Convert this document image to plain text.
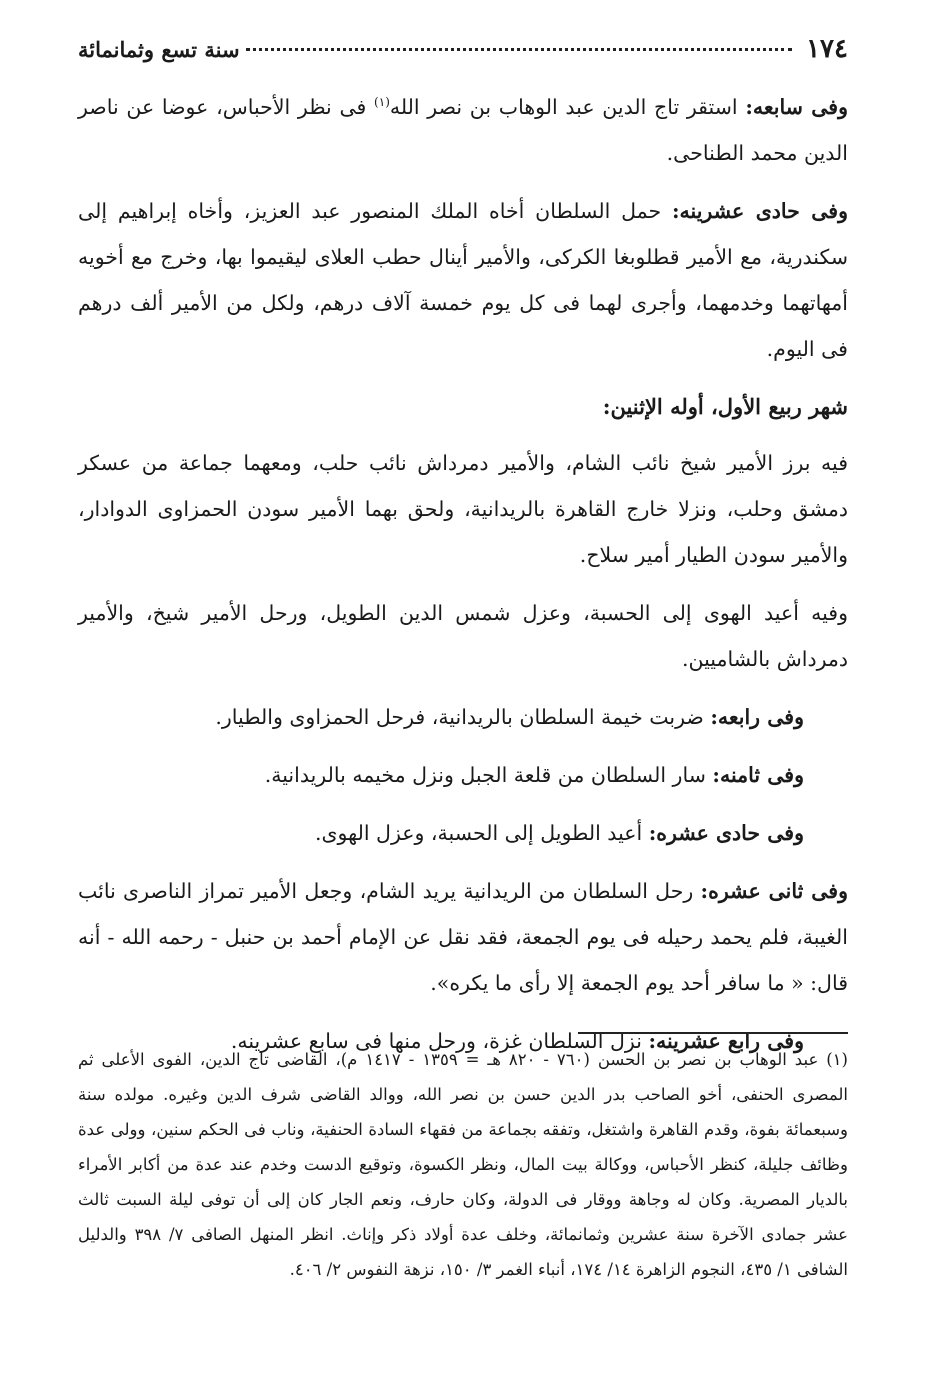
١٧٤
سنة تسع وثمانمائة

وفى سابعه: استقر تاج الدين عبد الوهاب بن نصر الله$^{(١)}$ فى نظر الأحباس، عوضا عن ناصر الدين محمد الطناحى.

وفى حادى عشرينه: حمل السلطان أخاه الملك المنصور عبد العزيز، وأخاه إبراهيم إلى سكندرية، مع الأمير قطلوبغا الكركى، والأمير أينال حطب العلاى ليقيموا بها، وخرج مع أخويه أمهاتهما وخدمهما، وأجرى لهما فى كل يوم خمسة آلاف درهم، ولكل من الأمير ألف درهم فى اليوم.

شهر ربيع الأول، أوله الإثنين:

فيه برز الأمير شيخ نائب الشام، والأمير دمرداش نائب حلب، ومعهما جماعة من عسكر دمشق وحلب، ونزلا خارج القاهرة بالريدانية، ولحق بهما الأمير سودن الحمزاوى الدوادار، والأمير سودن الطيار أمير سلاح.

وفيه أعيد الهوى إلى الحسبة، وعزل شمس الدين الطويل، ورحل الأمير شيخ، والأمير دمرداش بالشاميين.

وفى رابعه: ضربت خيمة السلطان بالريدانية، فرحل الحمزاوى والطيار.

وفى ثامنه: سار السلطان من قلعة الجبل ونزل مخيمه بالريدانية.

وفى حادى عشره: أعيد الطويل إلى الحسبة، وعزل الهوى.

وفى ثانى عشره: رحل السلطان من الريدانية يريد الشام، وجعل الأمير تمراز الناصرى نائب الغيبة، فلم يحمد رحيله فى يوم الجمعة، فقد نقل عن الإمام أحمد بن حنبل - رحمه الله - أنه قال: « ما سافر أحد يوم الجمعة إلا رأى ما يكره».

وفى رابع عشرينه: نزل السلطان غزة، ورحل منها فى سابع عشرينه.

(١) عبد الوهاب بن نصر بن الحسن (٧٦٠ - ٨٢٠ هـ = ١٣٥٩ - ١٤١٧ م)، القاضى تاج الدين، الفوى الأعلى ثم المصرى الحنفى، أخو الصاحب بدر الدين حسن بن نصر الله، ووالد القاضى شرف الدين وغيره. مولده سنة وسبعمائة بفوة، وقدم القاهرة واشتغل، وتفقه بجماعة من فقهاء السادة الحنفية، وناب فى الحكم سنين، وولى عدة وظائف جليلة، كنظر الأحباس، ووكالة بيت المال، ونظر الكسوة، وتوقيع الدست وخدم عند عدة من أكابر الأمراء بالديار المصرية. وكان له وجاهة ووقار فى الدولة، وكان حارف، ونعم الجار كان إلى أن توفى ليلة السبت ثالث عشر جمادى الآخرة سنة عشرين وثمانمائة، وخلف عدة أولاد ذكر وإناث. انظر المنهل الصافى ٧/ ٣٩٨ والدليل الشافى ١/ ٤٣٥، النجوم الزاهرة ١٤/ ١٧٤، أنباء الغمر ٣/ ١٥٠، نزهة النفوس ٢/ ٤٠٦.
